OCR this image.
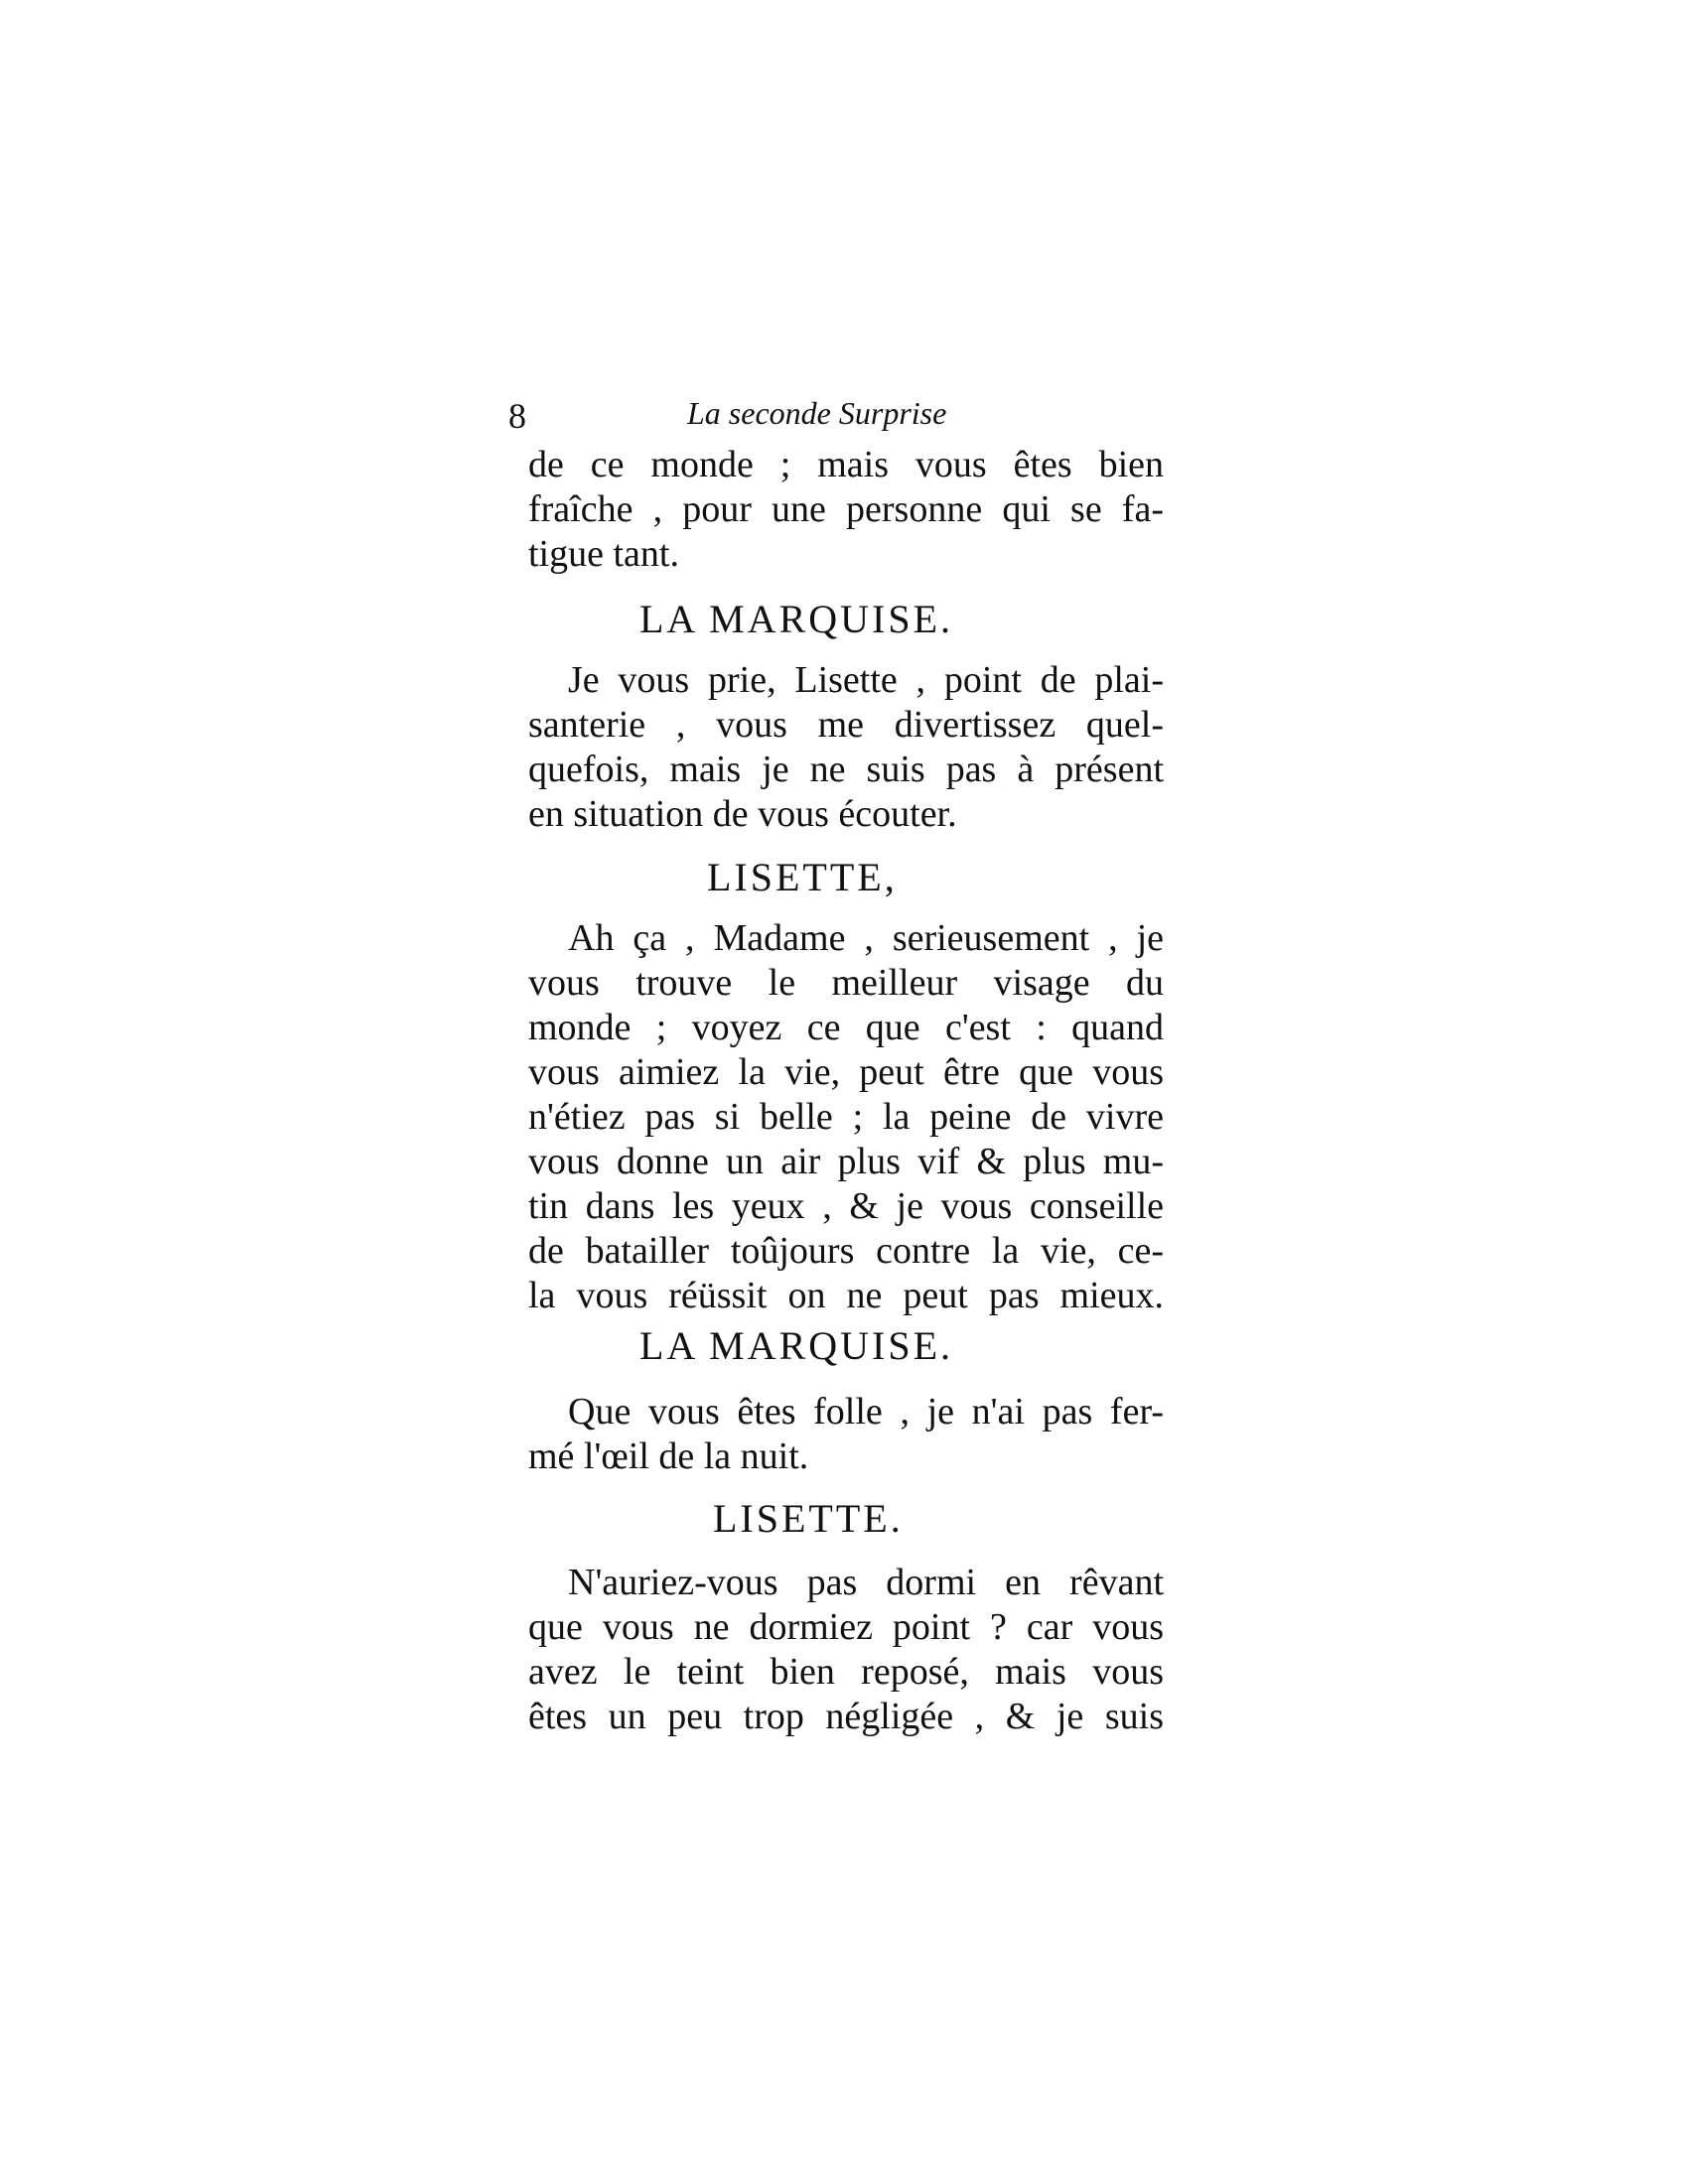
8	La seconde Surprise
de ce monde ; mais vous êtes bien
fraîche , pour une personne qui se fa-
tigue tant.
LA MARQUISE.
Je vous prie, Lisette , point de plai-
santerie , vous me divertissez quel-
quefois, mais je ne suis pas à présent
en situation de vous écouter.
LISETTE,
Ah ça , Madame , serieusement , je
vous trouve le meilleur visage du
monde ; voyez ce que c'est : quand
vous aimiez la vie, peut être que vous
n'étiez pas si belle ; la peine de vivre
vous donne un air plus vif & plus mu-
tin dans les yeux , & je vous conseille
de batailler toûjours contre la vie, ce-
la vous réüssit on ne peut pas mieux.
LA MARQUISE.
Que vous êtes folle , je n'ai pas fer-
mé l'œil de la nuit.
LISETTE.
N'auriez-vous pas dormi en rêvant
que vous ne dormiez point ? car vous
avez le teint bien reposé, mais vous
êtes un peu trop négligée , & je suis
